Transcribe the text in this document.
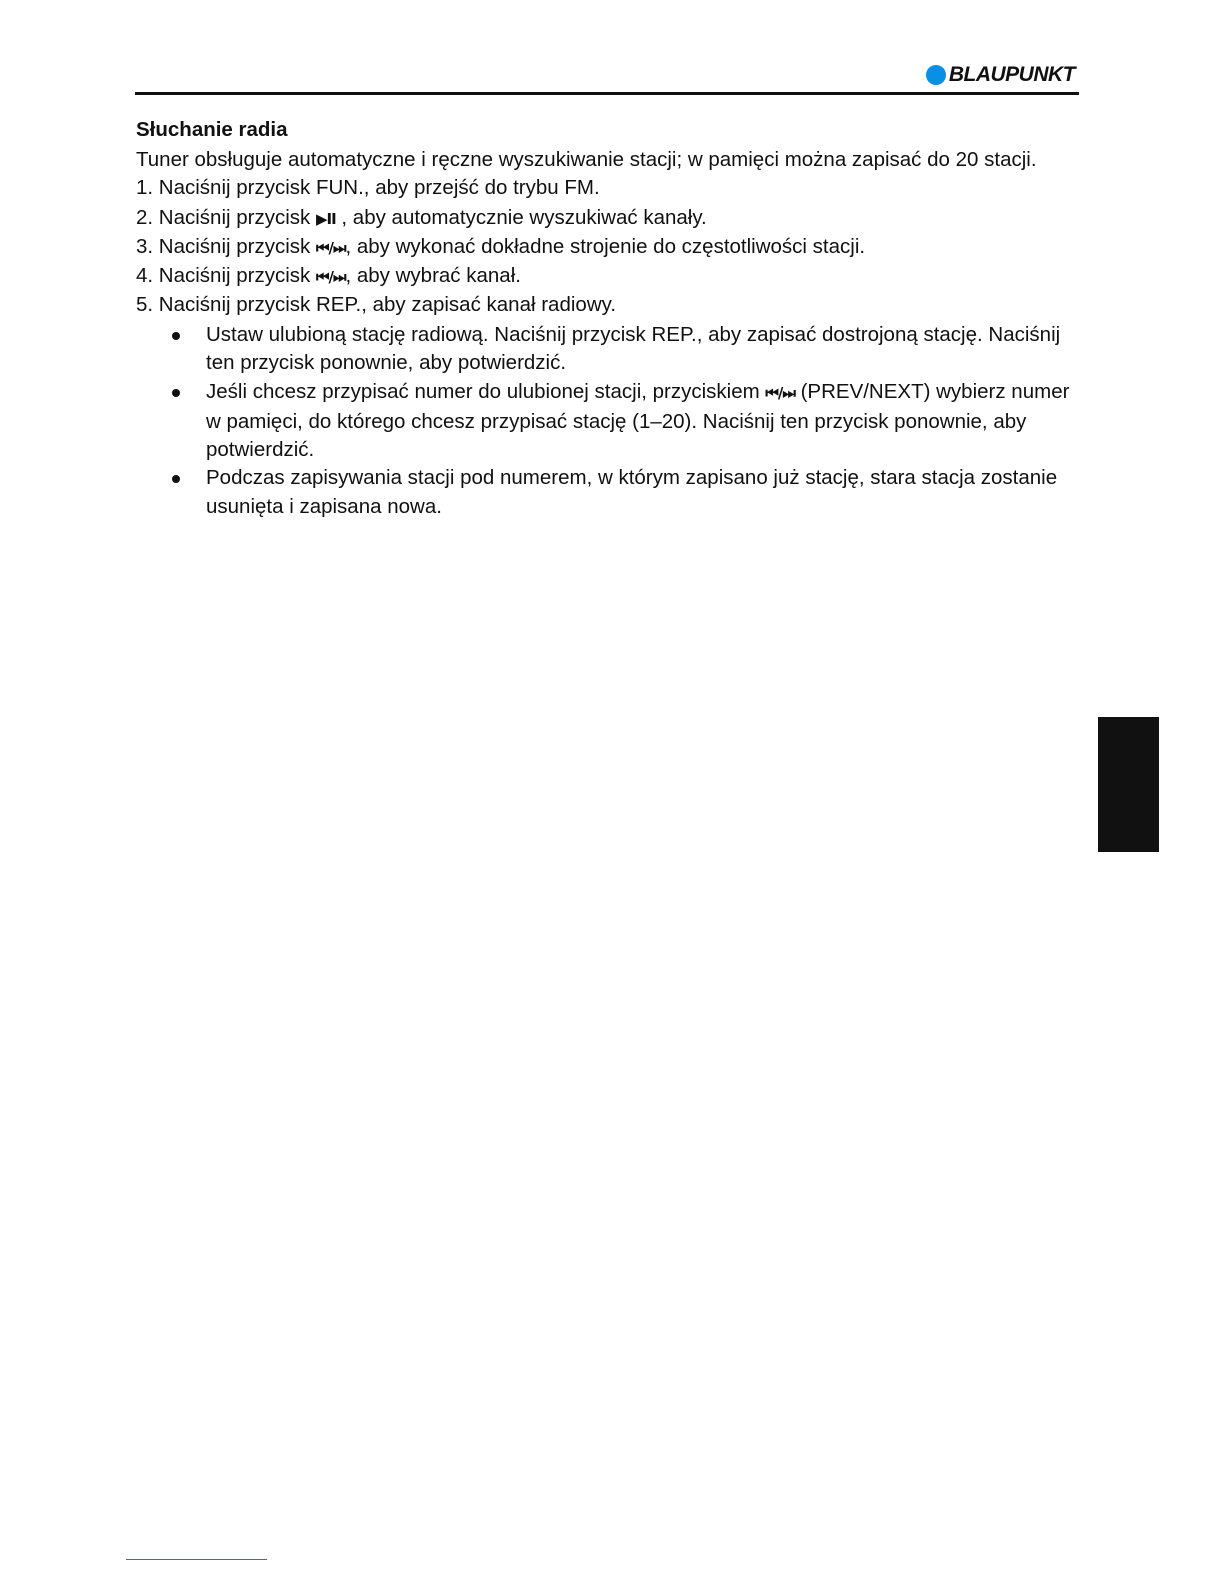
BLAUPUNKT
Słuchanie radia

Tuner obsługuje automatyczne i ręczne wyszukiwanie stacji; w pamięci można zapisać do 20 stacji.

1. Naciśnij przycisk FUN., aby przejść do trybu FM.
2. Naciśnij przycisk ▶II , aby automatycznie wyszukiwać kanały.
3. Naciśnij przycisk ⏮/⏭, aby wykonać dokładne strojenie do częstotliwości stacji.
4. Naciśnij przycisk ⏮/⏭, aby wybrać kanał.
5. Naciśnij przycisk REP., aby zapisać kanał radiowy.
Ustaw ulubioną stację radiową. Naciśnij przycisk REP., aby zapisać dostrojoną stację. Naciśnij ten przycisk ponownie, aby potwierdzić.
Jeśli chcesz przypisać numer do ulubionej stacji, przyciskiem ⏮/⏭ (PREV/NEXT) wybierz numer w pamięci, do którego chcesz przypisać stację (1–20). Naciśnij ten przycisk ponownie, aby potwierdzić.
Podczas zapisywania stacji pod numerem, w którym zapisano już stację, stara stacja zostanie usunięta i zapisana nowa.
